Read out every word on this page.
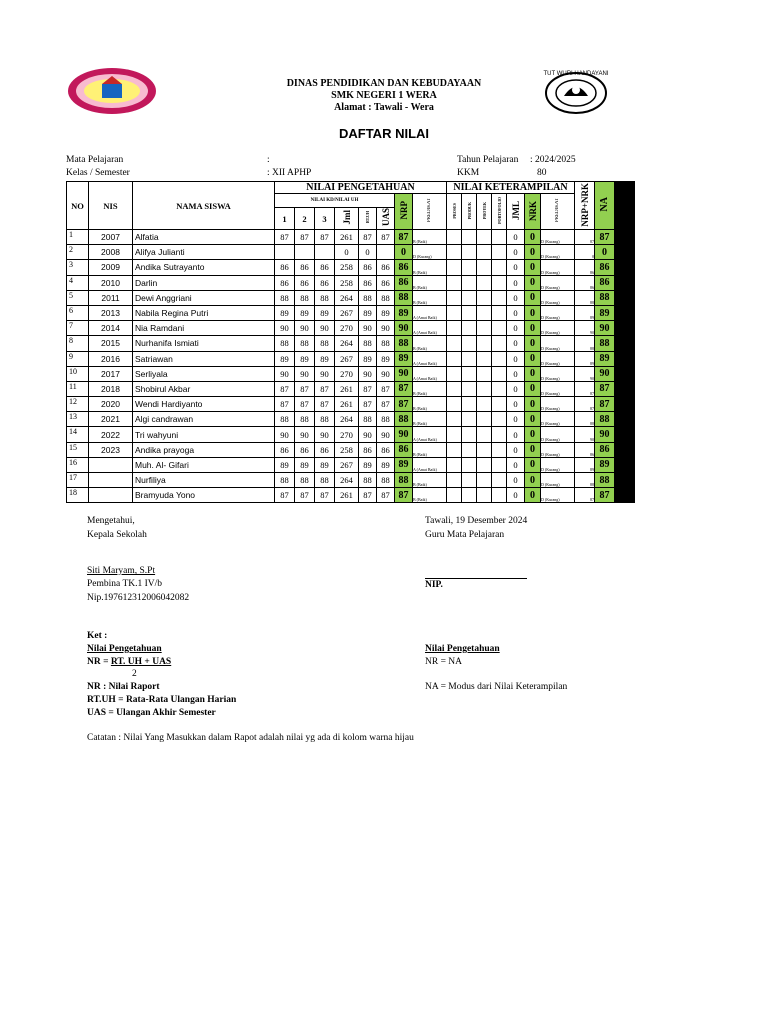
TUT WURI HANDAYANI
DINAS PENDIDIKAN DAN KEBUDAYAAN
SMK NEGERI 1 WERA
Alamat : Tawali - Wera
DAFTAR NILAI
Mata Pelajaran	:
Kelas / Semester	: XII APHP
Tahun Pelajaran : 2024/2025
KKM	80
NO	NIS	NAMA SISWA	NILAI PENGETAHUAN								NILAI KETERAMPILAN							NRP+NRK	NA	
			NILAI KD/NILAI UH						NRP	PREDIKAT	PROSES	PRODUK	PROYEK	PORTOFOLIO	JML	NRK	PREDIKAT			
			1	2	3	Jml	RT.UH	UAS												
1	2007	Alfatia	87	87	87	261	87	87	87	B (Baik)					0	0	D (Kurang)	87	87	
2	2008	Alifya Julianti				0	0		0	D (Kurang)					0	0	D (Kurang)	0	0	
3	2009	Andika Sutrayanto	86	86	86	258	86	86	86	B (Baik)					0	0	D (Kurang)	86	86	
4	2010	Darlin	86	86	86	258	86	86	86	B (Baik)					0	0	D (Kurang)	86	86	
5	2011	Dewi Anggriani	88	88	88	264	88	88	88	B (Baik)					0	0	D (Kurang)	88	88	
6	2013	Nabila Regina Putri	89	89	89	267	89	89	89	A (Amat Baik)					0	0	D (Kurang)	89	89	
7	2014	Nia Ramdani	90	90	90	270	90	90	90	A (Amat Baik)					0	0	D (Kurang)	90	90	
8	2015	Nurhanifa Ismiati	88	88	88	264	88	88	88	B (Baik)					0	0	D (Kurang)	88	88	
9	2016	Satriawan	89	89	89	267	89	89	89	A (Amat Baik)					0	0	D (Kurang)	89	89	
10	2017	Serliyala	90	90	90	270	90	90	90	A (Amat Baik)					0	0	D (Kurang)	90	90	
11	2018	Shobirul Akbar	87	87	87	261	87	87	87	B (Baik)					0	0	D (Kurang)	87	87	
12	2020	Wendi Hardiyanto	87	87	87	261	87	87	87	B (Baik)					0	0	D (Kurang)	87	87	
13	2021	Algi candrawan	88	88	88	264	88	88	88	B (Baik)					0	0	D (Kurang)	88	88	
14	2022	Tri wahyuni	90	90	90	270	90	90	90	A (Amat Baik)					0	0	D (Kurang)	90	90	
15	2023	Andika prayoga	86	86	86	258	86	86	86	B (Baik)					0	0	D (Kurang)	86	86	
16		Muh. Al- Gifari	89	89	89	267	89	89	89	A (Amat Baik)					0	0	D (Kurang)	89	89	
17		Nurfiliya	88	88	88	264	88	88	88	B (Baik)					0	0	D (Kurang)	88	88	
18		Bramyuda Yono	87	87	87	261	87	87	87	B (Baik)					0	0	D (Kurang)	87	87	
Mengetahui,
Kepala Sekolah
Tawali, 19 Desember 2024
Guru Mata Pelajaran
Siti Maryam, S.Pt
Pembina TK.1 IV/b
Nip.197612312006042082
NIP.
Ket :
Nilai Pengetahuan
NR = RT. UH + UAS
2
NR : Nilai Raport
RT.UH = Rata-Rata Ulangan Harian
UAS = Ulangan Akhir Semester
Nilai Pengetahuan
NR = NA
NA = Modus dari Nilai Keterampilan
Catatan : Nilai Yang Masukkan dalam Rapot adalah nilai yg ada di kolom warna hijau
